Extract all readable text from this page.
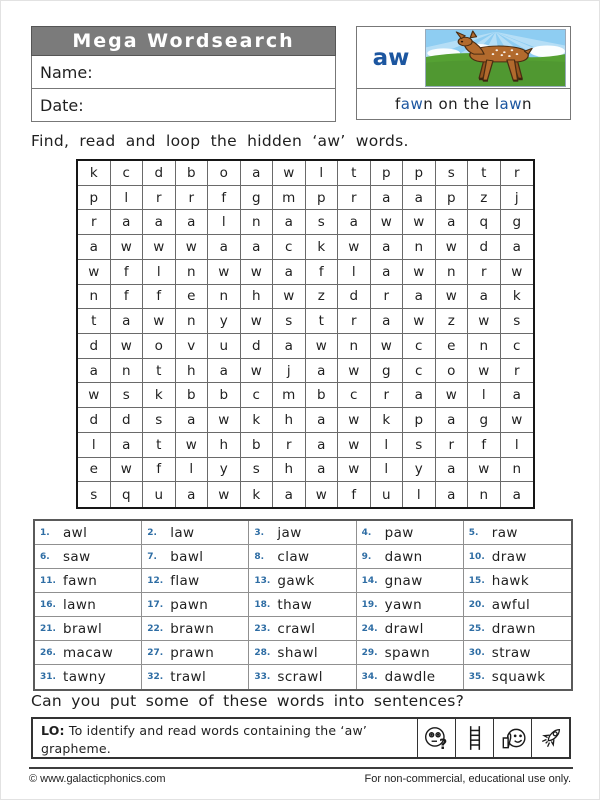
Mega Wordsearch
Name:
Date:
aw
fawn on the lawn
Find, read and loop the hidden ‘aw’ words.
k	c	d	b	o	a	w	l	t	p	p	s	t	r
p	l	r	r	f	g	m	p	r	a	a	p	z	j
r	a	a	a	l	n	a	s	a	w	w	a	q	g
a	w	w	w	a	a	c	k	w	a	n	w	d	a
w	f	l	n	w	w	a	f	l	a	w	n	r	w
n	f	f	e	n	h	w	z	d	r	a	w	a	k
t	a	w	n	y	w	s	t	r	a	w	z	w	s
d	w	o	v	u	d	a	w	n	w	c	e	n	c
a	n	t	h	a	w	j	a	w	g	c	o	w	r
w	s	k	b	b	c	m	b	c	r	a	w	l	a
d	d	s	a	w	k	h	a	w	k	p	a	g	w
l	a	t	w	h	b	r	a	w	l	s	r	f	l
e	w	f	l	y	s	h	a	w	l	y	a	w	n
s	q	u	a	w	k	a	w	f	u	l	a	n	a
1. awl	2. law	3. jaw	4. paw	5. raw
6. saw	7. bawl	8. claw	9. dawn	10. draw
11. fawn	12. flaw	13. gawk	14. gnaw	15. hawk
16. lawn	17. pawn	18. thaw	19. yawn	20. awful
21. brawl	22. brawn	23. crawl	24. drawl	25. drawn
26. macaw	27. prawn	28. shawl	29. spawn	30. straw
31. tawny	32. trawl	33. scrawl	34. dawdle	35. squawk
Can you put some of these words into sentences?
LO: To identify and read words containing the ‘aw’ grapheme.	?
© www.galacticphonics.com	For non-commercial, educational use only.
